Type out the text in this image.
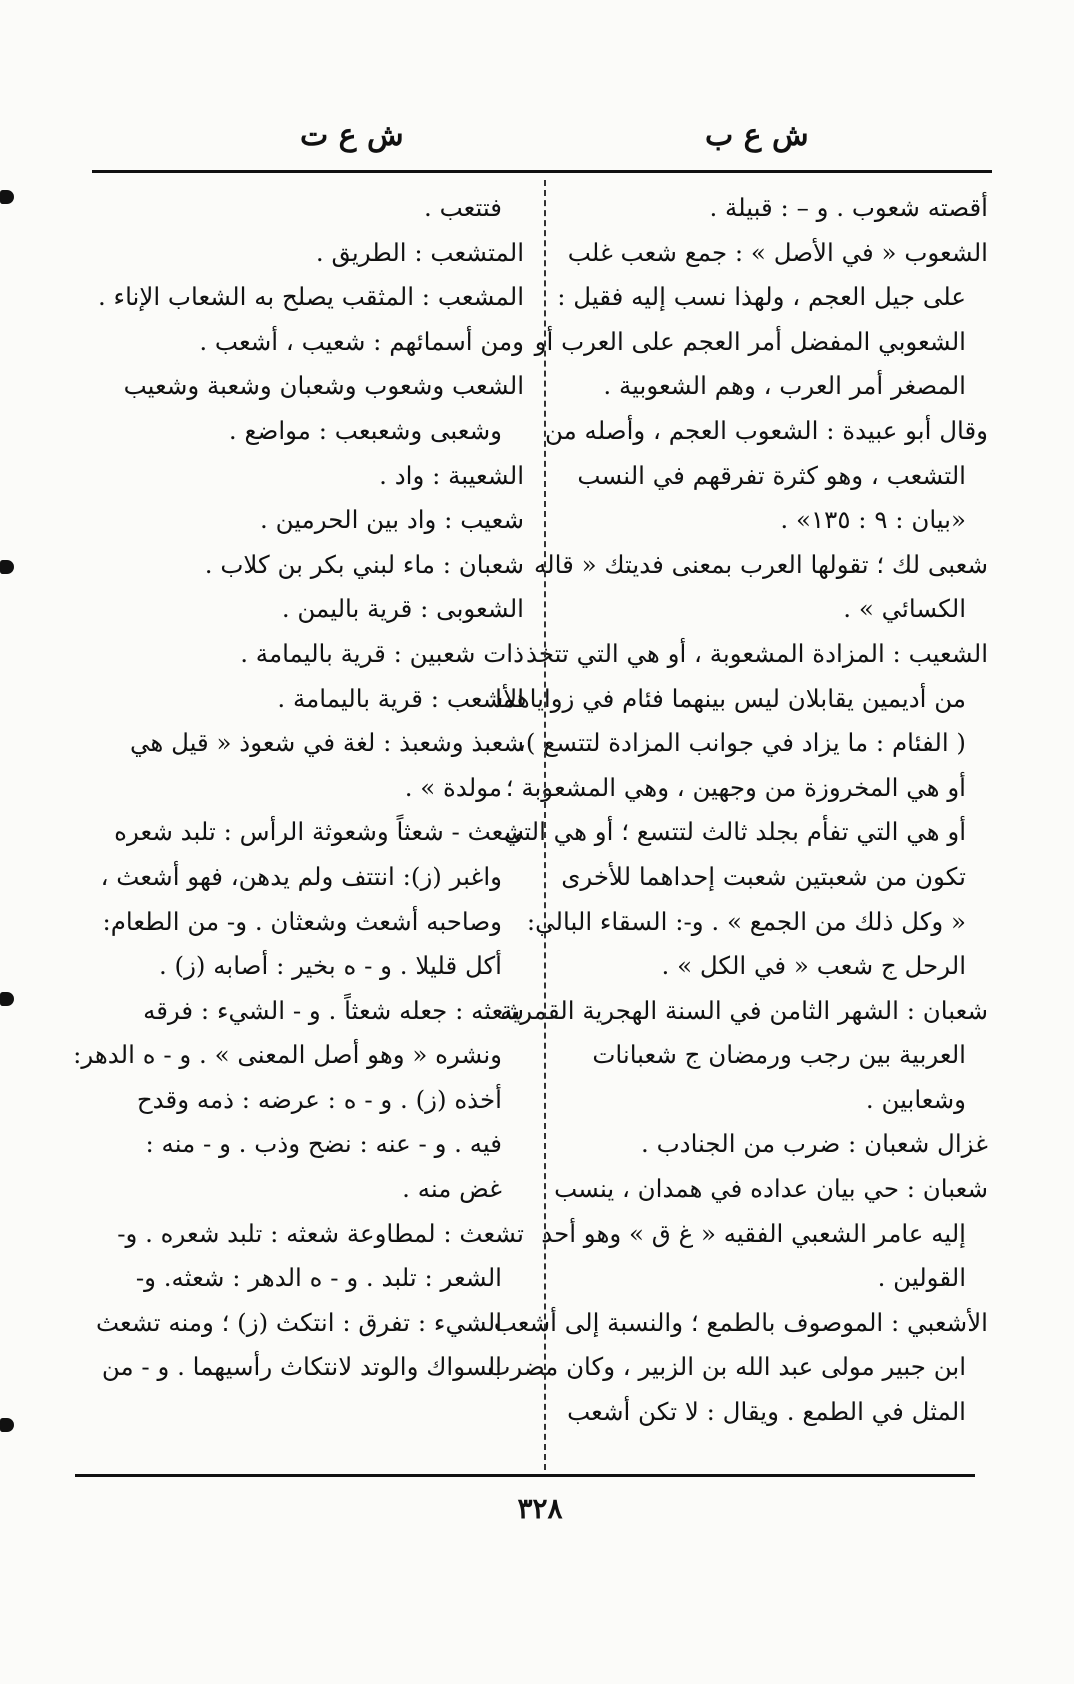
ش ع ب
ش ع ت
أقصته شعوب . و – : قبيلة .
الشعوب « في الأصل » : جمع شعب غلب
على جيل العجم ، ولهذا نسب إليه فقيل :
الشعوبي المفضل أمر العجم على العرب أو
المصغر أمر العرب ، وهم الشعوبية .
وقال أبو عبيدة : الشعوب العجم ، وأصله من
التشعب ، وهو كثرة تفرقهم في النسب
«بيان : ٩ : ١٣٥» .
شعبى لك ؛ تقولها العرب بمعنى فديتك « قاله
الكسائي » .
الشعيب : المزادة المشعوبة ، أو هي التي تتخذ
من أديمين يقابلان ليس بينهما فئام في زواياهما
( الفئام : ما يزاد في جوانب المزادة لتتسع )،
أو هي المخروزة من وجهين ، وهي المشعوبة ؛
أو هي التي تفأم بجلد ثالث لتتسع ؛ أو هي التي
تكون من شعبتين شعبت إحداهما للأخرى
« وكل ذلك من الجمع » . و-: السقاء البالي:
الرحل ج شعب « في الكل » .
شعبان : الشهر الثامن في السنة الهجرية القمرية
العربية بين رجب ورمضان ج شعبانات
وشعابين .
غزال شعبان : ضرب من الجنادب .
شعبان : حي بيان عداده في همدان ، ينسب
إليه عامر الشعبي الفقيه « غ ق » وهو أحد
القولين .
الأشعبي : الموصوف بالطمع ؛ والنسبة إلى أشعب
ابن جبير مولى عبد الله بن الزبير ، وكان مضرب
المثل في الطمع . ويقال : لا تكن أشعب
فتتعب .
المتشعب : الطريق .
المشعب : المثقب يصلح به الشعاب الإناء .
ومن أسمائهم : شعيب ، أشعب .
الشعب وشعوب وشعبان وشعبة وشعيب
وشعبى وشعبعب : مواضع .
الشعيبة : واد .
شعيب : واد بين الحرمين .
شعبان : ماء لبني بكر بن كلاب .
الشعوبى : قرية باليمن .
ذات شعبين : قرية باليمامة .
الأشعب : قرية باليمامة .
شعبذ وشعبذ : لغة في شعوذ « قيل هي
مولدة » .
شعث - شعثاً وشعوثة الرأس : تلبد شعره
واغبر (ز): انتتف ولم يدهن، فهو أشعث ،
وصاحبه أشعث وشعثان . و- من الطعام:
أكل قليلا . و - ه بخير : أصابه (ز) .
شعثه : جعله شعثاً . و - الشيء : فرقه
ونشره « وهو أصل المعنى » . و - ه الدهر:
أخذه (ز) . و - ه : عرضه : ذمه وقدح
فيه . و - عنه : نضح وذب . و - منه :
غض منه .
تشعث : لمطاوعة شعثه : تلبد شعره . و-
الشعر : تلبد . و - ه الدهر : شعثه. و-
الشيء : تفرق : انتكث (ز) ؛ ومنه تشعث
السواك والوتد لانتكاث رأسيهما . و - من
٣٢٨
